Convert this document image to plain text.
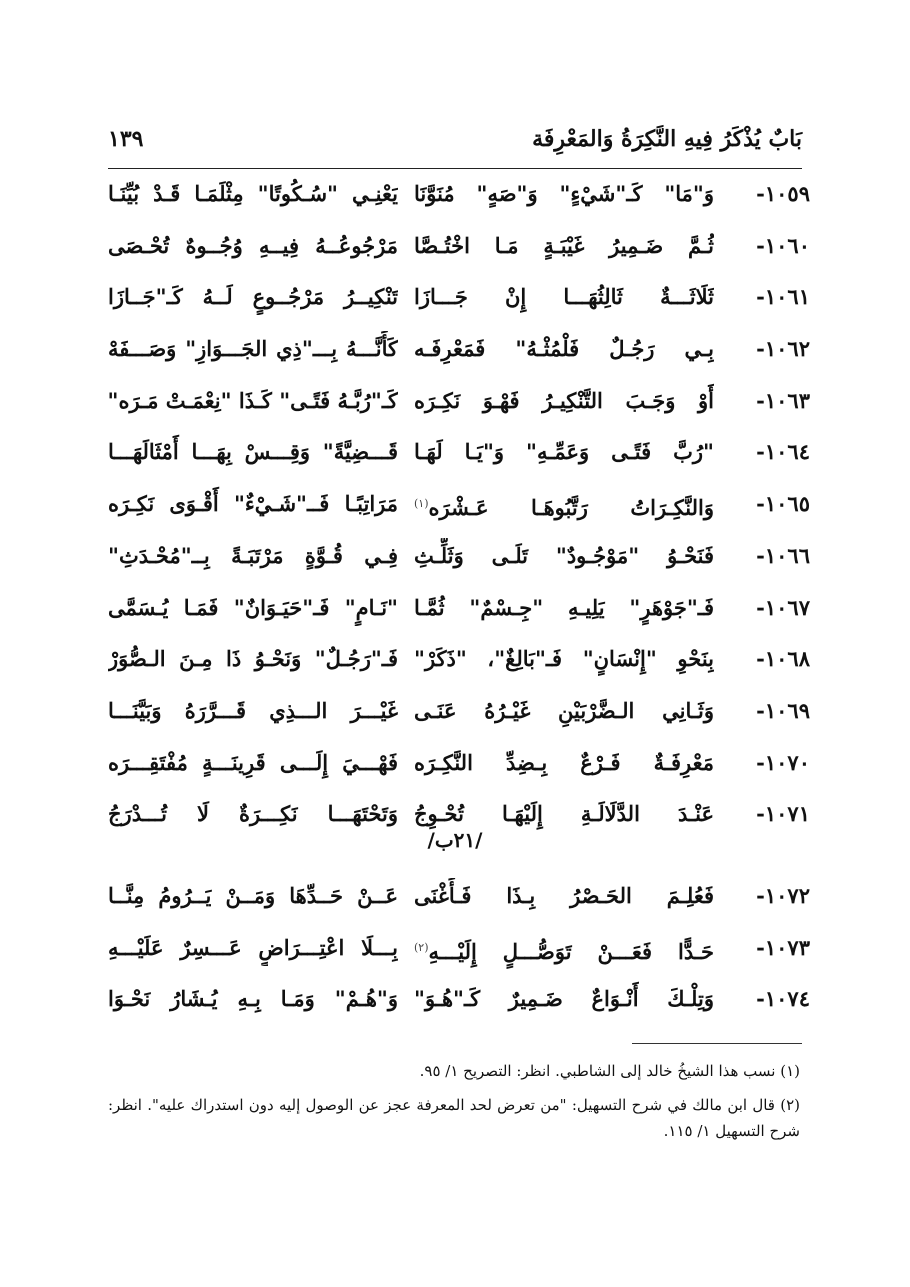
بَابٌ يُذْكَرُ فِيهِ النَّكِرَةُ وَالمَعْرِفَة
١٣٩
١٠٥٩-
وَ"مَا" كَـ"شَيْءٍ" وَ"صَهٍ" مُنَوَّنَا
يَعْنِـي "سُـكُوتًا" مِثْلَمَـا قَـدْ بُيِّنَـا
١٠٦٠-
ثُـمَّ ضَـمِيرُ غَيْبَـةٍ مَـا اخْتُـصَّا
مَرْجُوعُــهُ فِيــهِ وُجُــوهٌ تُحْـصَى
١٠٦١-
ثَلَاثَـــةٌ ثَالِثُهَـــا إِنْ جَـــازَا
تَنْكِيــرُ مَرْجُــوعٍ لَــهُ كَـ"جَــازَا
١٠٦٢-
بِـي رَجُـلٌ فَلْمُثْـهُ" فَمَعْرِفَـه
كَأَنَّـــهُ بِـــ"ذِي الجَـــوَازِ" وَصَـــفَهْ
١٠٦٣-
أَوْ وَجَـبَ التَّنْكِيـرُ فَهْـوَ نَكِـرَه
كَـ"رُبَّـهُ فَتًـى" كَـذَا "نِعْمَـتْ مَـرَه"
١٠٦٤-
"رُبَّ فَتًـى وَعَمِّـهِ" وَ"يَـا لَهَـا
قَـــضِيَّةً" وَقِـــسْ بِهَـــا أَمْثَالَهَـــا
١٠٦٥-
وَالنَّكِـرَاتُ رَتَّبُوهَـا عَـشْرَه$^{(١)}$
مَرَاتِبًـا فَــ"شَـيْءٌ" أَقْـوَى نَكِـرَه
١٠٦٦-
فَنَحْـوُ "مَوْجُـودٌ" تَلَـى وَثَلِّـثِ
فِـي قُـوَّةٍ مَرْتَبَـةً بِــ"مُحْـدَثِ"
١٠٦٧-
فَـ"جَوْهَرٍ" يَلِيـهِ "جِـسْمٌ" ثُمَّـا
"نَـامٍ" فَـ"حَيَـوَانٌ" فَمَـا يُـسَمَّى
١٠٦٨-
بِنَحْوِ "إِنْسَانٍ" فَـ"بَالِغٌ"، "ذَكَرْ"
فَـ"رَجُـلٌ" وَنَحْـوُ ذَا مِـنَ الـصُّوَرْ
١٠٦٩-
وَثَـانِي الـضَّرْبَيْنِ غَيْـرُهُ عَنَـى
غَيْـــرَ الـــذِي قَـــرَّرَهُ وَبَيَّنَـــا
١٠٧٠-
مَعْرِفَـةٌ فَـرْعٌ بِـضِدِّ النَّكِـرَه
فَهْـــيَ إِلَـــى قَرِينَـــةٍ مُفْتَقِـــرَه
١٠٧١-
عَنْـدَ الدَّلَالَـةِ إِلَيْهَـا تُحْـوِجُ
وَتَحْتَهَـــا نَكِـــرَةٌ لَا تُـــدْرَجُ
/٢١ب/
١٠٧٢-
فَعُلِـمَ الحَـصْرُ بِـذَا فَـأَغْنَى
عَــنْ حَــدِّهَا وَمَــنْ يَــرُومُ مِنَّــا
١٠٧٣-
حَـدًّا فَعَـــنْ تَوَصُّـــلٍ إِلَيْـــهِ$^{(٢)}$
بِـــلَا اعْتِـــرَاضٍ عَـــسِرٌ عَلَيْـــهِ
١٠٧٤-
وَتِلْـكَ أَنْـوَاعٌ ضَـمِيرٌ كَـ"هُـوَ"
وَ"هُـمْ" وَمَـا بِـهِ يُـشَارُ نَحْـوَا
(١) نسب هذا الشيخُ خالد إلى الشاطبي. انظر: التصريح ١/ ٩٥.
(٢) قال ابن مالك في شرح التسهيل: "من تعرض لحد المعرفة عجز عن الوصول إليه دون استدراك عليه". انظر: شرح التسهيل ١/ ١١٥.
